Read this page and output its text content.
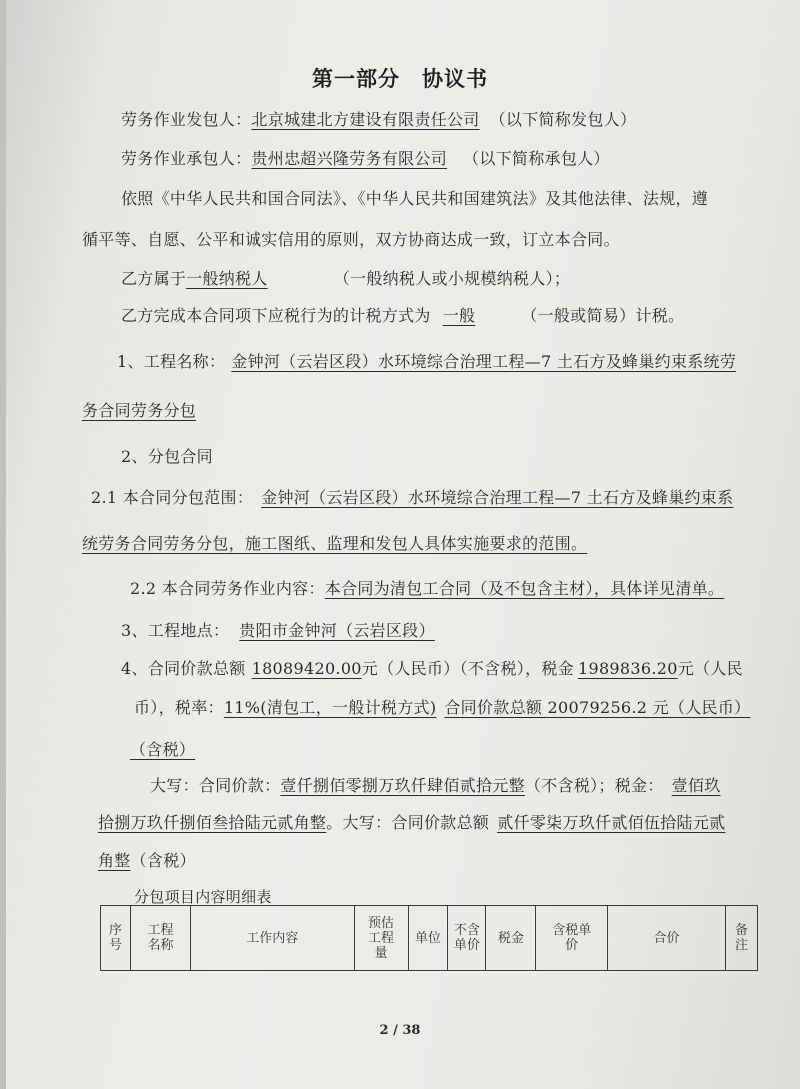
第一部分　协议书
劳务作业发包人：北京城建北方建设有限责任公司 （以下简称发包人）
劳务作业承包人：贵州忠超兴隆劳务有限公司 （以下简称承包人）
依照《中华人民共和国合同法》、《中华人民共和国建筑法》及其他法律、法规，遵
循平等、自愿、公平和诚实信用的原则，双方协商达成一致，订立本合同。
乙方属于一般纳税人	（一般纳税人或小规模纳税人）；
乙方完成本合同项下应税行为的计税方式为 一般	（一般或简易）计税。
1、工程名称： 金钟河（云岩区段）水环境综合治理工程—7 土石方及蜂巢约束系统劳
务合同劳务分包
2、分包合同
2.1 本合同分包范围： 金钟河（云岩区段）水环境综合治理工程—7 土石方及蜂巢约束系
统劳务合同劳务分包，施工图纸、监理和发包人具体实施要求的范围。
2.2 本合同劳务作业内容：本合同为清包工合同（及不包含主材），具体详见清单。
3、工程地点： 贵阳市金钟河（云岩区段）
4、合同价款总额 18089420.00元（人民币）（不含税），税金 1989836.20元（人民
币），税率：11%(清包工，一般计税方式) 合同价款总额 20079256.2 元（人民币）
（含税）
大写：合同价款：壹仟捌佰零捌万玖仟肆佰贰拾元整（不含税）；税金： 壹佰玖
拾捌万玖仟捌佰叁拾陆元贰角整。大写：合同价款总额 贰仟零柒万玖仟贰佰伍拾陆元贰
角整（含税）
分包项目内容明细表
序号	工程名称	工作内容	预估工程量	单位	不含单价	税金	含税单价	合价	备注
2 / 38
